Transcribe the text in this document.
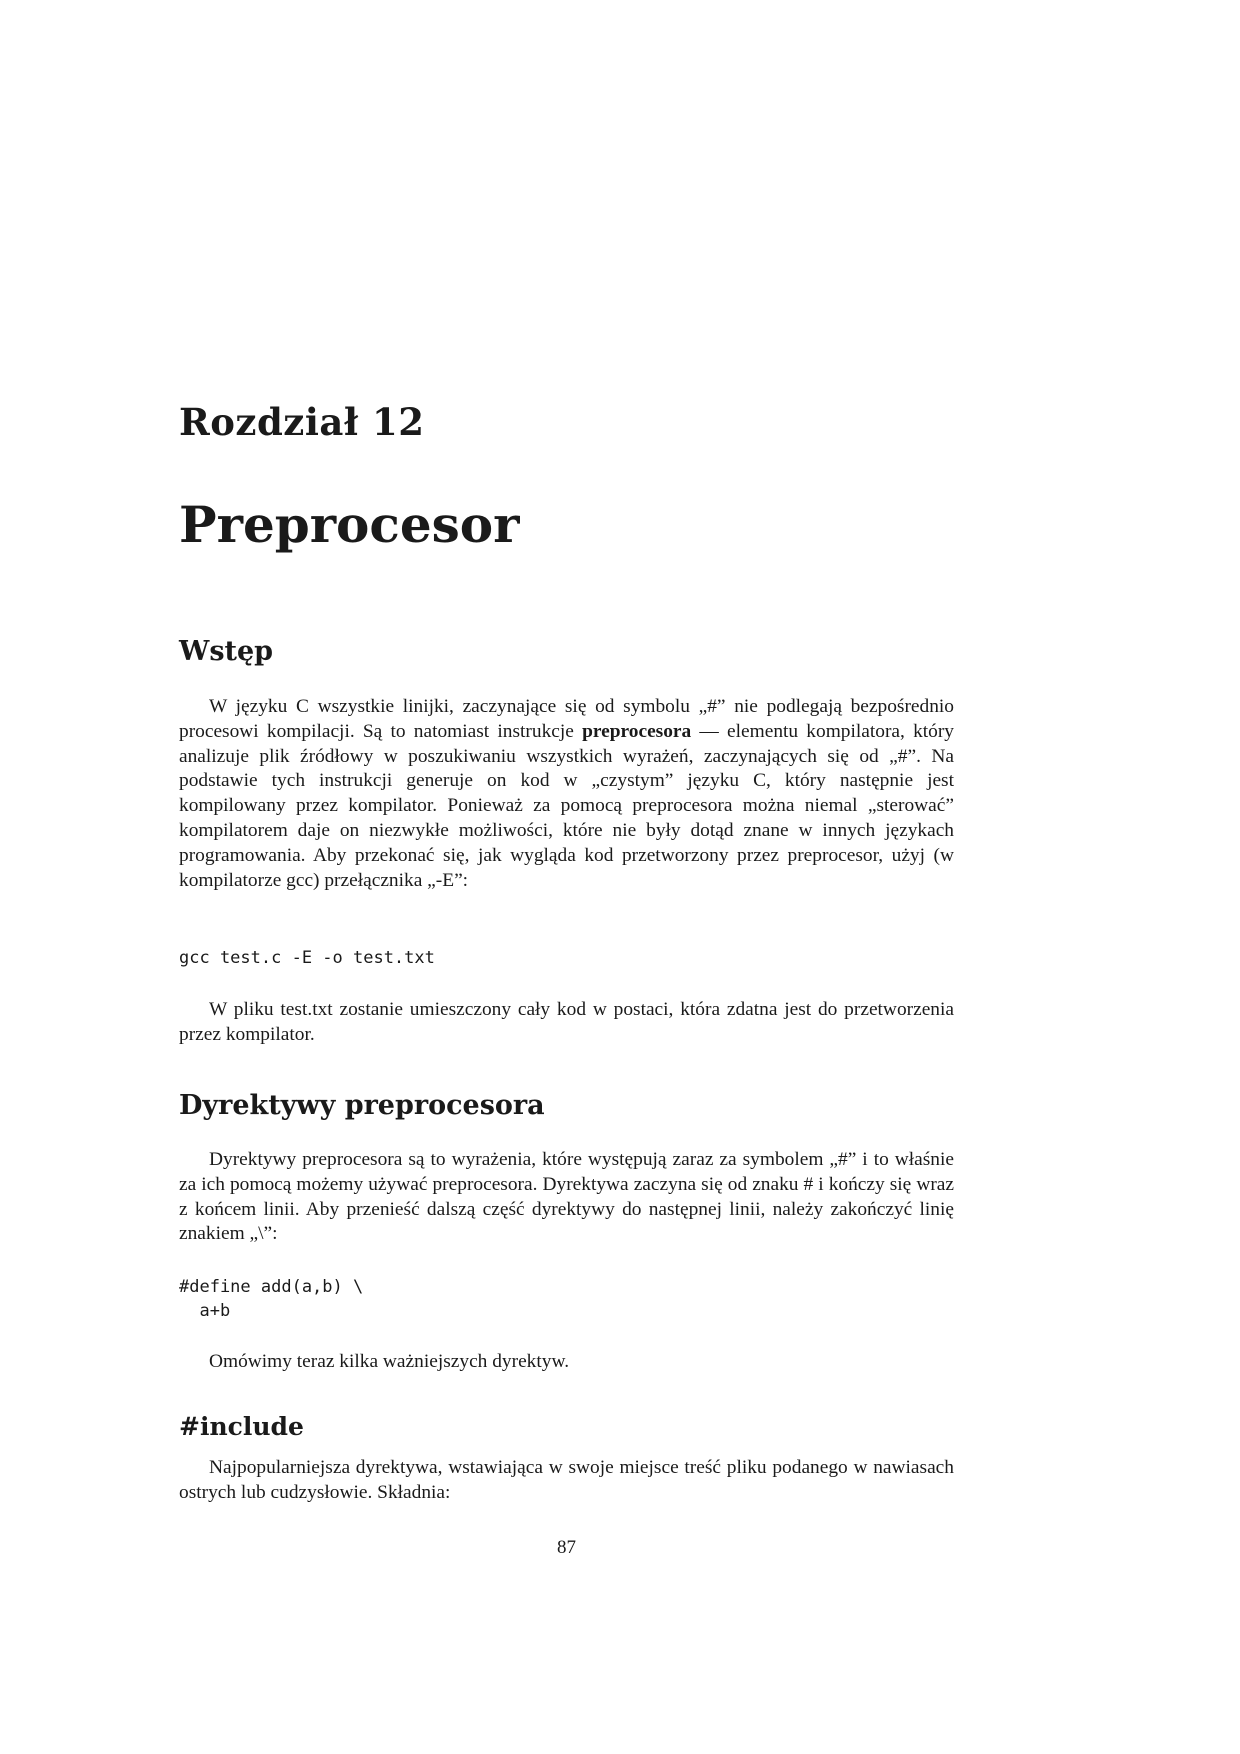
Rozdział 12
Preprocesor
Wstęp

W języku C wszystkie linijki, zaczynające się od symbolu „#” nie podlegają bezpośrednio procesowi kompilacji. Są to natomiast instrukcje preprocesora — elementu kompilatora, który analizuje plik źródłowy w poszukiwaniu wszystkich wyrażeń, zaczynających się od „#”. Na podstawie tych instrukcji generuje on kod w „czystym” języku C, który następnie jest kompilowany przez kompilator. Ponieważ za pomocą preprocesora można niemal „sterować” kompilatorem daje on niezwykłe możliwości, które nie były dotąd znane w innych językach programowania. Aby przekonać się, jak wygląda kod przetworzony przez preprocesor, użyj (w kompilatorze gcc) przełącznika „-E”:

gcc test.c -E -o test.txt

W pliku test.txt zostanie umieszczony cały kod w postaci, która zdatna jest do przetworzenia przez kompilator.

Dyrektywy preprocesora

Dyrektywy preprocesora są to wyrażenia, które występują zaraz za symbolem „#” i to właśnie za ich pomocą możemy używać preprocesora. Dyrektywa zaczyna się od znaku # i kończy się wraz z końcem linii. Aby przenieść dalszą część dyrektywy do następnej linii, należy zakończyć linię znakiem „\”:

#define add(a,b) \
a+b

Omówimy teraz kilka ważniejszych dyrektyw.

#include

Najpopularniejsza dyrektywa, wstawiająca w swoje miejsce treść pliku podanego w nawiasach ostrych lub cudzysłowie. Składnia:

87
